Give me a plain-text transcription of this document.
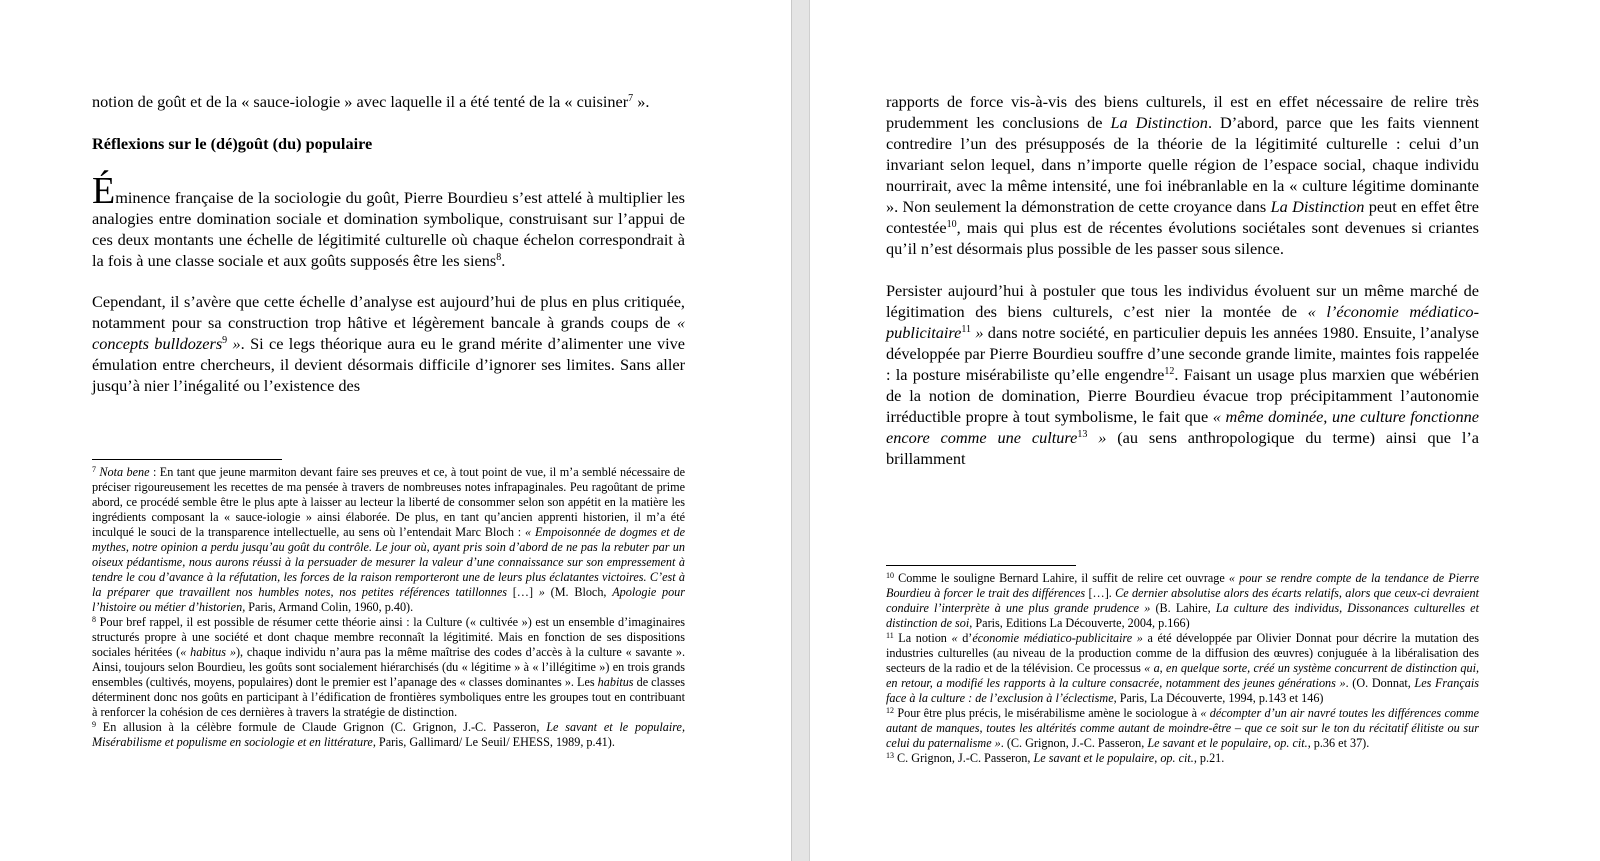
notion de goût et de la « sauce-iologie » avec laquelle il a été tenté de la « cuisiner$^7$ ».

Réflexions sur le (dé)goût (du) populaire

Éminence française de la sociologie du goût, Pierre Bourdieu s’est attelé à multiplier les analogies entre domination sociale et domination symbolique, construisant sur l’appui de ces deux montants une échelle de légitimité culturelle où chaque échelon correspondrait à la fois à une classe sociale et aux goûts supposés être les siens$^8$.

Cependant, il s’avère que cette échelle d’analyse est aujourd’hui de plus en plus critiquée, notamment pour sa construction trop hâtive et légèrement bancale à grands coups de « concepts bulldozers$^9$ ». Si ce legs théorique aura eu le grand mérite d’alimenter une vive émulation entre chercheurs, il devient désormais difficile d’ignorer ses limites. Sans aller jusqu’à nier l’inégalité ou l’existence des

$^7$ Nota bene : En tant que jeune marmiton devant faire ses preuves et ce, à tout point de vue, il m’a semblé nécessaire de préciser rigoureusement les recettes de ma pensée à travers de nombreuses notes infrapaginales. Peu ragoûtant de prime abord, ce procédé semble être le plus apte à laisser au lecteur la liberté de consommer selon son appétit en la matière les ingrédients composant la « sauce-iologie » ainsi élaborée. De plus, en tant qu’ancien apprenti historien, il m’a été inculqué le souci de la transparence intellectuelle, au sens où l’entendait Marc Bloch : « Empoisonnée de dogmes et de mythes, notre opinion a perdu jusqu’au goût du contrôle. Le jour où, ayant pris soin d’abord de ne pas la rebuter par un oiseux pédantisme, nous aurons réussi à la persuader de mesurer la valeur d’une connaissance sur son empressement à tendre le cou d’avance à la réfutation, les forces de la raison remporteront une de leurs plus éclatantes victoires. C’est à la préparer que travaillent nos humbles notes, nos petites références tatillonnes […] » (M. Bloch, Apologie pour l’histoire ou métier d’historien, Paris, Armand Colin, 1960, p.40).

$^8$ Pour bref rappel, il est possible de résumer cette théorie ainsi : la Culture (« cultivée ») est un ensemble d’imaginaires structurés propre à une société et dont chaque membre reconnaît la légitimité. Mais en fonction de ses dispositions sociales héritées (« habitus »), chaque individu n’aura pas la même maîtrise des codes d’accès à la culture « savante ». Ainsi, toujours selon Bourdieu, les goûts sont socialement hiérarchisés (du « légitime » à « l’illégitime ») en trois grands ensembles (cultivés, moyens, populaires) dont le premier est l’apanage des « classes dominantes ». Les habitus de classes déterminent donc nos goûts en participant à l’édification de frontières symboliques entre les groupes tout en contribuant à renforcer la cohésion de ces dernières à travers la stratégie de distinction.

$^9$ En allusion à la célèbre formule de Claude Grignon (C. Grignon, J.-C. Passeron, Le savant et le populaire, Misérabilisme et populisme en sociologie et en littérature, Paris, Gallimard/ Le Seuil/ EHESS, 1989, p.41).

rapports de force vis-à-vis des biens culturels, il est en effet nécessaire de relire très prudemment les conclusions de La Distinction. D’abord, parce que les faits viennent contredire l’un des présupposés de la théorie de la légitimité culturelle : celui d’un invariant selon lequel, dans n’importe quelle région de l’espace social, chaque individu nourrirait, avec la même intensité, une foi inébranlable en la « culture légitime dominante ». Non seulement la démonstration de cette croyance dans La Distinction peut en effet être contestée$^{10}$, mais qui plus est de récentes évolutions sociétales sont devenues si criantes qu’il n’est désormais plus possible de les passer sous silence.

Persister aujourd’hui à postuler que tous les individus évoluent sur un même marché de légitimation des biens culturels, c’est nier la montée de « l’économie médiatico-publicitaire$^{11}$ » dans notre société, en particulier depuis les années 1980. Ensuite, l’analyse développée par Pierre Bourdieu souffre d’une seconde grande limite, maintes fois rappelée : la posture misérabiliste qu’elle engendre$^{12}$. Faisant un usage plus marxien que wébérien de la notion de domination, Pierre Bourdieu évacue trop précipitamment l’autonomie irréductible propre à tout symbolisme, le fait que « même dominée, une culture fonctionne encore comme une culture$^{13}$ » (au sens anthropologique du terme) ainsi que l’a brillamment

$^{10}$ Comme le souligne Bernard Lahire, il suffit de relire cet ouvrage « pour se rendre compte de la tendance de Pierre Bourdieu à forcer le trait des différences […]. Ce dernier absolutise alors des écarts relatifs, alors que ceux-ci devraient conduire l’interprète à une plus grande prudence » (B. Lahire, La culture des individus, Dissonances culturelles et distinction de soi, Paris, Editions La Découverte, 2004, p.166)

$^{11}$ La notion « d’économie médiatico-publicitaire » a été développée par Olivier Donnat pour décrire la mutation des industries culturelles (au niveau de la production comme de la diffusion des œuvres) conjuguée à la libéralisation des secteurs de la radio et de la télévision. Ce processus « a, en quelque sorte, créé un système concurrent de distinction qui, en retour, a modifié les rapports à la culture consacrée, notamment des jeunes générations ». (O. Donnat, Les Français face à la culture : de l’exclusion à l’éclectisme, Paris, La Découverte, 1994, p.143 et 146)

$^{12}$ Pour être plus précis, le misérabilisme amène le sociologue à « décompter d’un air navré toutes les différences comme autant de manques, toutes les altérités comme autant de moindre-être – que ce soit sur le ton du récitatif élitiste ou sur celui du paternalisme ». (C. Grignon, J.-C. Passeron, Le savant et le populaire, op. cit., p.36 et 37).

$^{13}$ C. Grignon, J.-C. Passeron, Le savant et le populaire, op. cit., p.21.
